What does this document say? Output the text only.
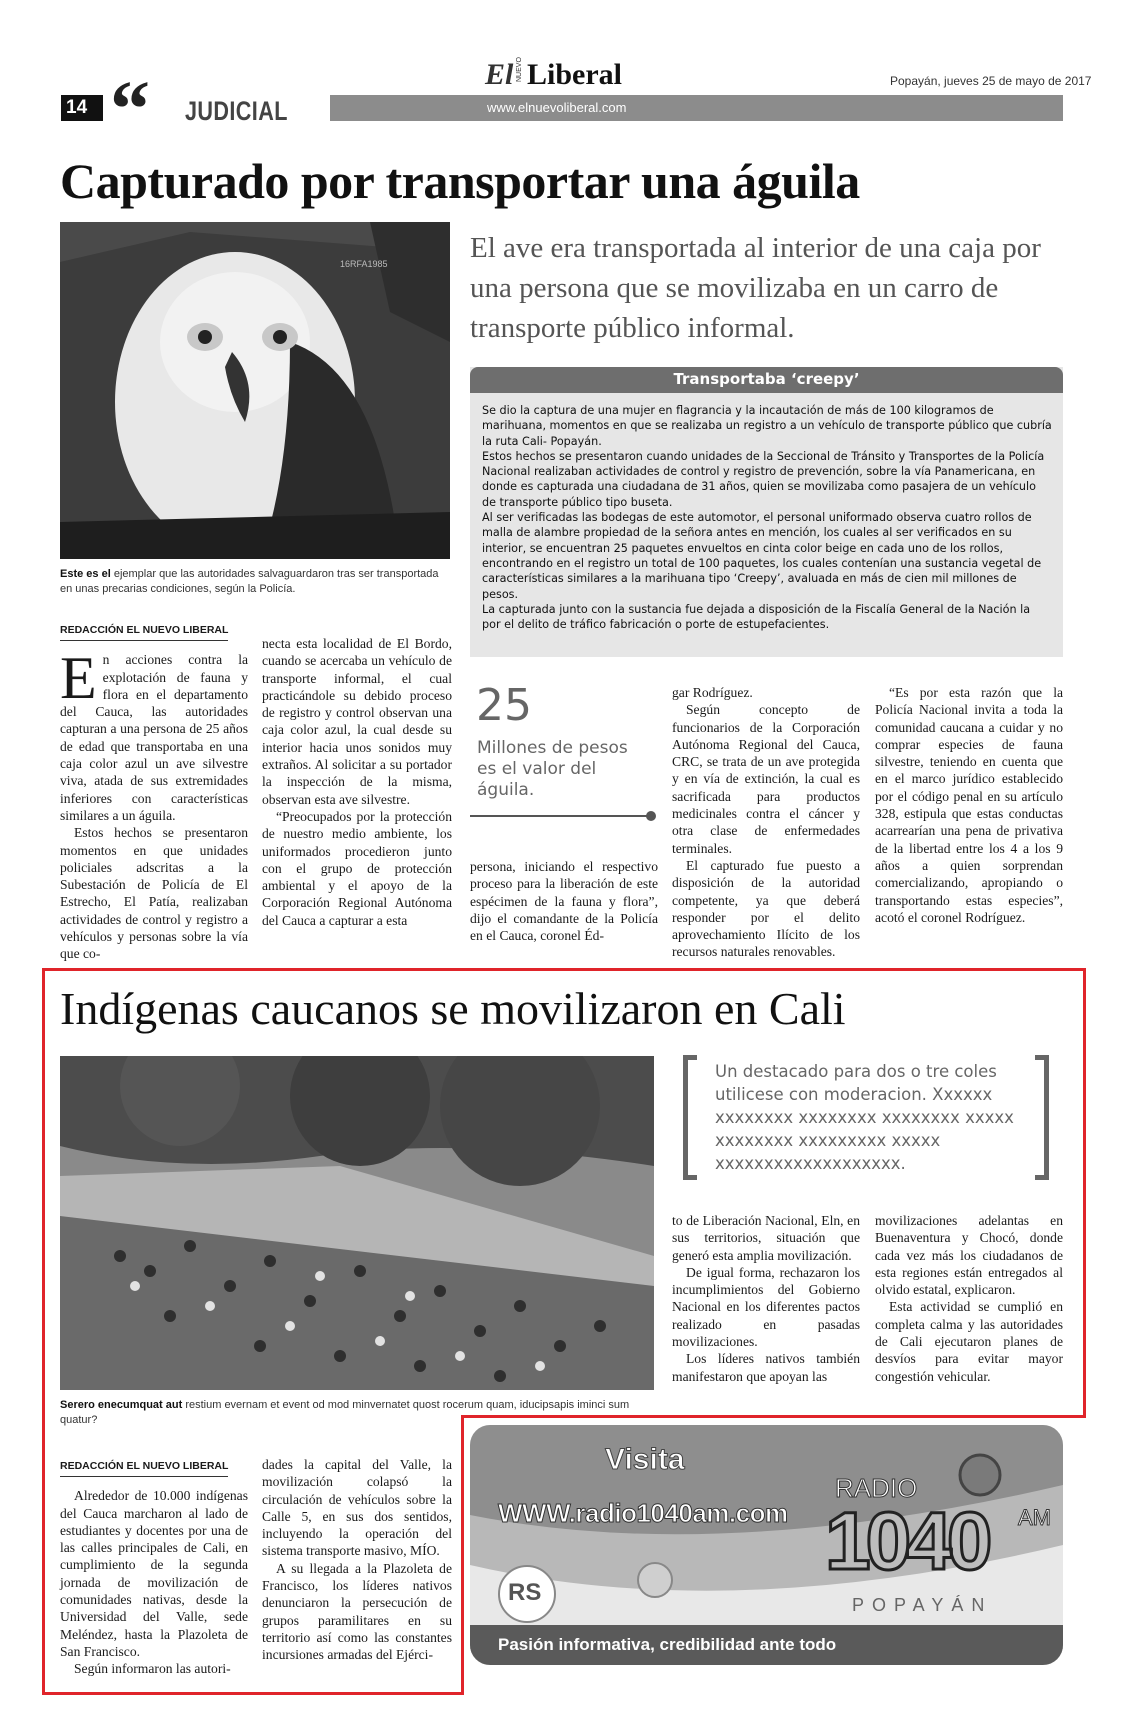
14 “ JUDICIAL
El NUEVO Liberal
www.elnuevoliberal.com
Popayán, jueves 25 de mayo de 2017
Capturado por transportar una águila
16RFA1985
Este es el ejemplar que las autoridades salvaguardaron tras ser transportada en unas precarias condiciones, según la Policía.

El ave era transportada al interior de una caja por una persona que se movilizaba en un carro de transporte público informal.

Transportaba ‘creepy’

Se dio la captura de una mujer en flagrancia y la incautación de más de 100 kilogramos de marihuana, momentos en que se realizaba un registro a un vehículo de transporte público que cubría la ruta Cali- Popayán.

Estos hechos se presentaron cuando unidades de la Seccional de Tránsito y Transportes de la Policía Nacional realizaban actividades de control y registro de prevención, sobre la vía Panamericana, en donde es capturada una ciudadana de 31 años, quien se movilizaba como pasajera de un vehículo de transporte público tipo buseta.

Al ser verificadas las bodegas de este automotor, el personal uniformado observa cuatro rollos de malla de alambre propiedad de la señora antes en mención, los cuales al ser verificados en su interior, se encuentran 25 paquetes envueltos en cinta color beige en cada uno de los rollos, encontrando en el registro un total de 100 paquetes, los cuales contenían una sustancia vegetal de características similares a la marihuana tipo ‘Creepy’, avaluada en más de cien mil millones de pesos.

La capturada junto con la sustancia fue dejada a disposición de la Fiscalía General de la Nación la por el delito de tráfico fabricación o porte de estupefacientes.

REDACCIÓN EL NUEVO LIBERAL

En acciones contra la explotación de fauna y flora en el departamento del Cauca, las autoridades capturan a una persona de 25 años de edad que transportaba en una caja color azul un ave silvestre viva, atada de sus extremidades inferiores con características similares a un águila.

Estos hechos se presentaron momentos en que unidades policiales adscritas a la Subestación de Policía de El Estrecho, El Patía, realizaban actividades de control y registro a vehículos y personas sobre la vía que co-

necta esta localidad de El Bordo, cuando se acercaba un vehículo de transporte informal, el cual practicándole su debido proceso de registro y control observan una caja color azul, la cual desde su interior hacia unos sonidos muy extraños. Al solicitar a su portador la inspección de la misma, observan esta ave silvestre.

“Preocupados por la protección de nuestro medio ambiente, los uniformados procedieron junto con el grupo de protección ambiental y el apoyo de la Corporación Regional Autónoma del Cauca a capturar a esta

25
Millones de pesos es el valor del águila.

persona, iniciando el respectivo proceso para la liberación de este espécimen de la fauna y flora”, dijo el comandante de la Policía en el Cauca, coronel Éd-

gar Rodríguez.

Según concepto de funcionarios de la Corporación Autónoma Regional del Cauca, CRC, se trata de un ave protegida y en vía de extinción, la cual es sacrificada para productos medicinales contra el cáncer y otra clase de enfermedades terminales.

El capturado fue puesto a disposición de la autoridad competente, ya que deberá responder por el delito aprovechamiento Ilícito de los recursos naturales renovables.

“Es por esta razón que la Policía Nacional invita a toda la comunidad caucana a cuidar y no comprar especies de fauna silvestre, teniendo en cuenta que en el marco jurídico establecido por el código penal en su artículo 328, estipula que estas conductas acarrearían una pena de privativa de la libertad entre los 4 a los 9 años a quien sorprendan comercializando, apropiando o transportando estas especies”, acotó el coronel Rodríguez.

Indígenas caucanos se movilizaron en Cali
Serero enecumquat aut restium evernam et event od mod minvernatet quost rocerum quam, iducipsapis iminci sum quatur?

Un destacado para dos o tre coles utilicese con moderacion. Xxxxxx xxxxxxxx xxxxxxxx xxxxxxxx xxxxx xxxxxxxx xxxxxxxxx xxxxx xxxxxxxxxxxxxxxxxxx.

REDACCIÓN EL NUEVO LIBERAL

Alrededor de 10.000 indígenas del Cauca marcharon al lado de estudiantes y docentes por una de las calles principales de Cali, en cumplimiento de la segunda jornada de movilización de comunidades nativas, desde la Universidad del Valle, sede Meléndez, hasta la Plazoleta de San Francisco.

Según informaron las autori-

dades la capital del Valle, la movilización colapsó la circulación de vehículos sobre la Calle 5, en sus dos sentidos, incluyendo la operación del sistema transporte masivo, MÍO.

A su llegada a la Plazoleta de Francisco, los líderes nativos denunciaron la persecución de grupos paramilitares en su territorio así como las constantes incursiones armadas del Ejérci-

to de Liberación Nacional, Eln, en sus territorios, situación que generó esta amplia movilización.

De igual forma, rechazaron los incumplimientos del Gobierno Nacional en los diferentes pactos realizado en pasadas movilizaciones.

Los líderes nativos también manifestaron que apoyan las

movilizaciones adelantas en Buenaventura y Chocó, donde cada vez más los ciudadanos de esta regiones están entregados al olvido estatal, explicaron.

Esta actividad se cumplió en completa calma y las autoridades de Cali ejecutaron planes de desvíos para evitar mayor congestión vehicular.

Visita
WWW.radio1040am.com
RADIO
1040 AM
POPAYÁN
RS
Pasión informativa, credibilidad ante todo
